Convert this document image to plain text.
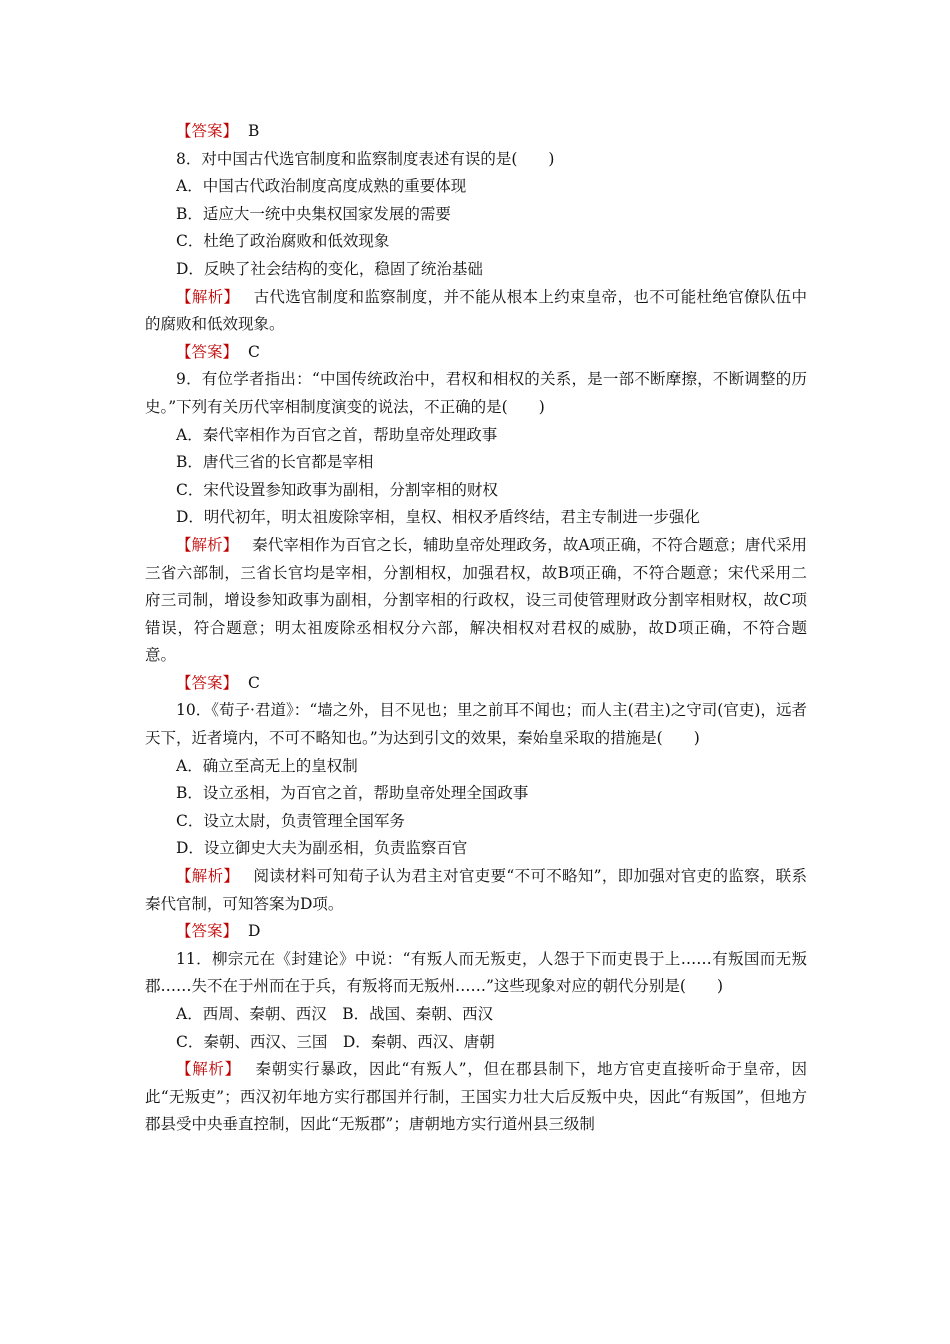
【答案】 B
8．对中国古代选官制度和监察制度表述有误的是(　　)
A．中国古代政治制度高度成熟的重要体现
B．适应大一统中央集权国家发展的需要
C．杜绝了政治腐败和低效现象
D．反映了社会结构的变化，稳固了统治基础
【解析】 古代选官制度和监察制度，并不能从根本上约束皇帝，也不可能杜绝官僚队伍中的腐败和低效现象。
【答案】 C
9．有位学者指出：“中国传统政治中，君权和相权的关系，是一部不断摩擦，不断调整的历史。”下列有关历代宰相制度演变的说法，不正确的是(　　)
A．秦代宰相作为百官之首，帮助皇帝处理政事
B．唐代三省的长官都是宰相
C．宋代设置参知政事为副相，分割宰相的财权
D．明代初年，明太祖废除宰相，皇权、相权矛盾终结，君主专制进一步强化
【解析】 秦代宰相作为百官之长，辅助皇帝处理政务，故A项正确，不符合题意；唐代采用三省六部制，三省长官均是宰相，分割相权，加强君权，故B项正确，不符合题意；宋代采用二府三司制，增设参知政事为副相，分割宰相的行政权，设三司使管理财政分割宰相财权，故C项错误，符合题意；明太祖废除丞相权分六部，解决相权对君权的威胁，故D项正确，不符合题意。
【答案】 C
10．《荀子·君道》：“墙之外，目不见也；里之前耳不闻也；而人主(君主)之守司(官吏)，远者天下，近者境内，不可不略知也。”为达到引文的效果，秦始皇采取的措施是(　　)
A．确立至高无上的皇权制
B．设立丞相，为百官之首，帮助皇帝处理全国政事
C．设立太尉，负责管理全国军务
D．设立御史大夫为副丞相，负责监察百官
【解析】 阅读材料可知荀子认为君主对官吏要“不可不略知”，即加强对官吏的监察，联系秦代官制，可知答案为D项。
【答案】 D
11．柳宗元在《封建论》中说：“有叛人而无叛吏，人怨于下而吏畏于上……有叛国而无叛郡……失不在于州而在于兵，有叛将而无叛州……”这些现象对应的朝代分别是(　　)
A．西周、秦朝、西汉　B．战国、秦朝、西汉
C．秦朝、西汉、三国　D．秦朝、西汉、唐朝
【解析】 秦朝实行暴政，因此“有叛人”，但在郡县制下，地方官吏直接听命于皇帝，因此“无叛吏”；西汉初年地方实行郡国并行制，王国实力壮大后反叛中央，因此“有叛国”，但地方郡县受中央垂直控制，因此“无叛郡”；唐朝地方实行道州县三级制
